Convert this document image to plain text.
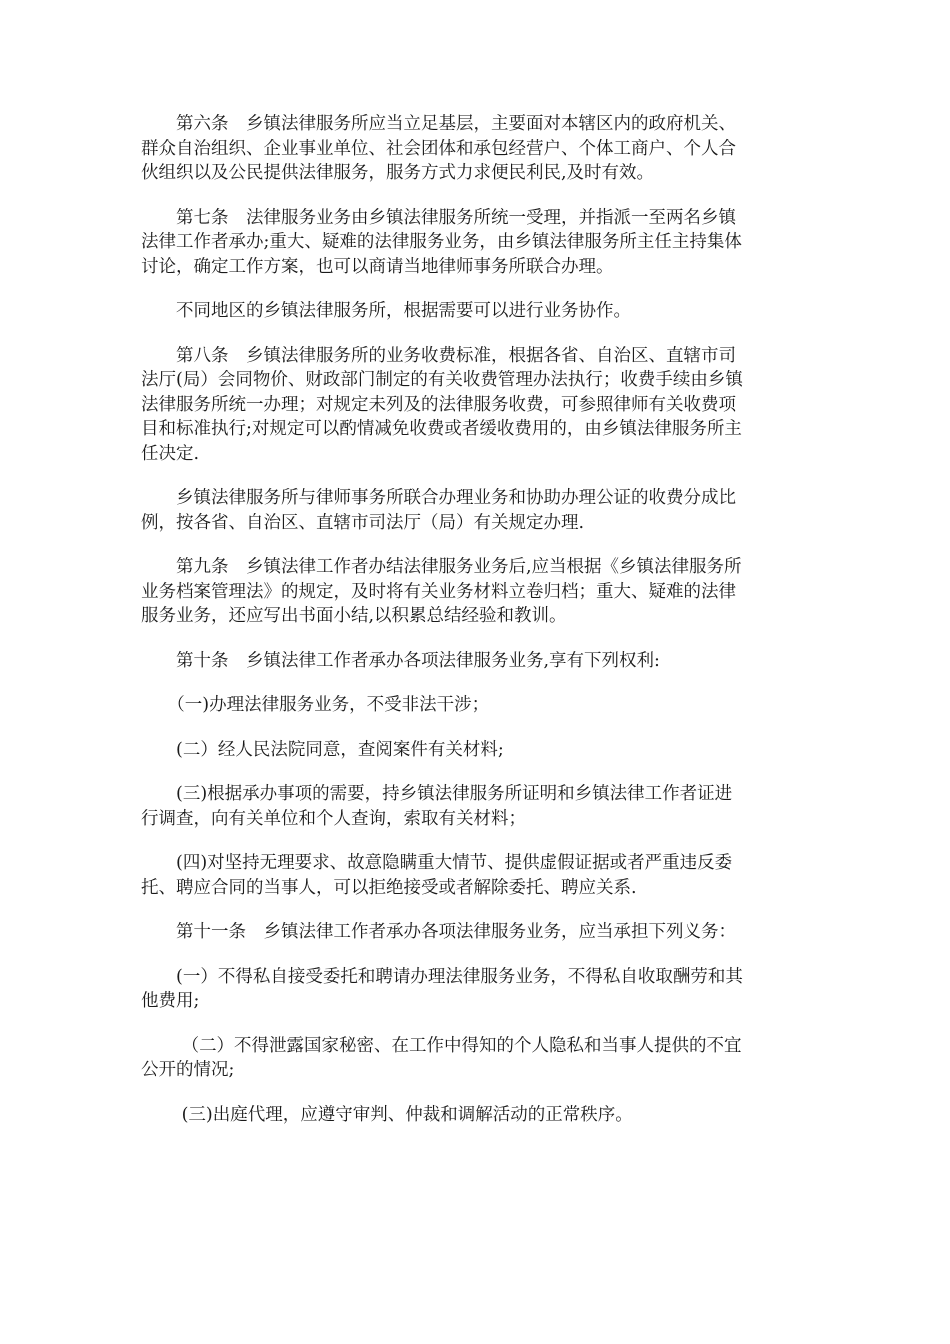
　　第六条　乡镇法律服务所应当立足基层，主要面对本辖区内的政府机关、
群众自治组织、企业事业单位、社会团体和承包经营户、个体工商户、个人合
伙组织以及公民提供法律服务，服务方式力求便民利民,及时有效。
　　第七条　法律服务业务由乡镇法律服务所统一受理，并指派一至两名乡镇
法律工作者承办;重大、疑难的法律服务业务，由乡镇法律服务所主任主持集体
讨论，确定工作方案，也可以商请当地律师事务所联合办理。
　　不同地区的乡镇法律服务所，根据需要可以进行业务协作。
　　第八条　乡镇法律服务所的业务收费标准，根据各省、自治区、直辖市司
法厅(局）会同物价、财政部门制定的有关收费管理办法执行；收费手续由乡镇
法律服务所统一办理；对规定未列及的法律服务收费，可参照律师有关收费项
目和标准执行;对规定可以酌情减免收费或者缓收费用的，由乡镇法律服务所主
任决定.
　　乡镇法律服务所与律师事务所联合办理业务和协助办理公证的收费分成比
例，按各省、自治区、直辖市司法厅（局）有关规定办理.
　　第九条　乡镇法律工作者办结法律服务业务后,应当根据《乡镇法律服务所
业务档案管理法》的规定，及时将有关业务材料立卷归档；重大、疑难的法律
服务业务，还应写出书面小结,以积累总结经验和教训。
　　第十条　乡镇法律工作者承办各项法律服务业务,享有下列权利:
　　（一)办理法律服务业务，不受非法干涉；
　　(二）经人民法院同意，查阅案件有关材料;
　　(三)根据承办事项的需要，持乡镇法律服务所证明和乡镇法律工作者证进
行调查，向有关单位和个人查询，索取有关材料；
　　(四)对坚持无理要求、故意隐瞒重大情节、提供虚假证据或者严重违反委
托、聘应合同的当事人，可以拒绝接受或者解除委托、聘应关系.
　　第十一条　乡镇法律工作者承办各项法律服务业务，应当承担下列义务：
　　(一）不得私自接受委托和聘请办理法律服务业务，不得私自收取酬劳和其
他费用;
　　 （二）不得泄露国家秘密、在工作中得知的个人隐私和当事人提供的不宜
公开的情况;
　　 (三)出庭代理，应遵守审判、仲裁和调解活动的正常秩序。
